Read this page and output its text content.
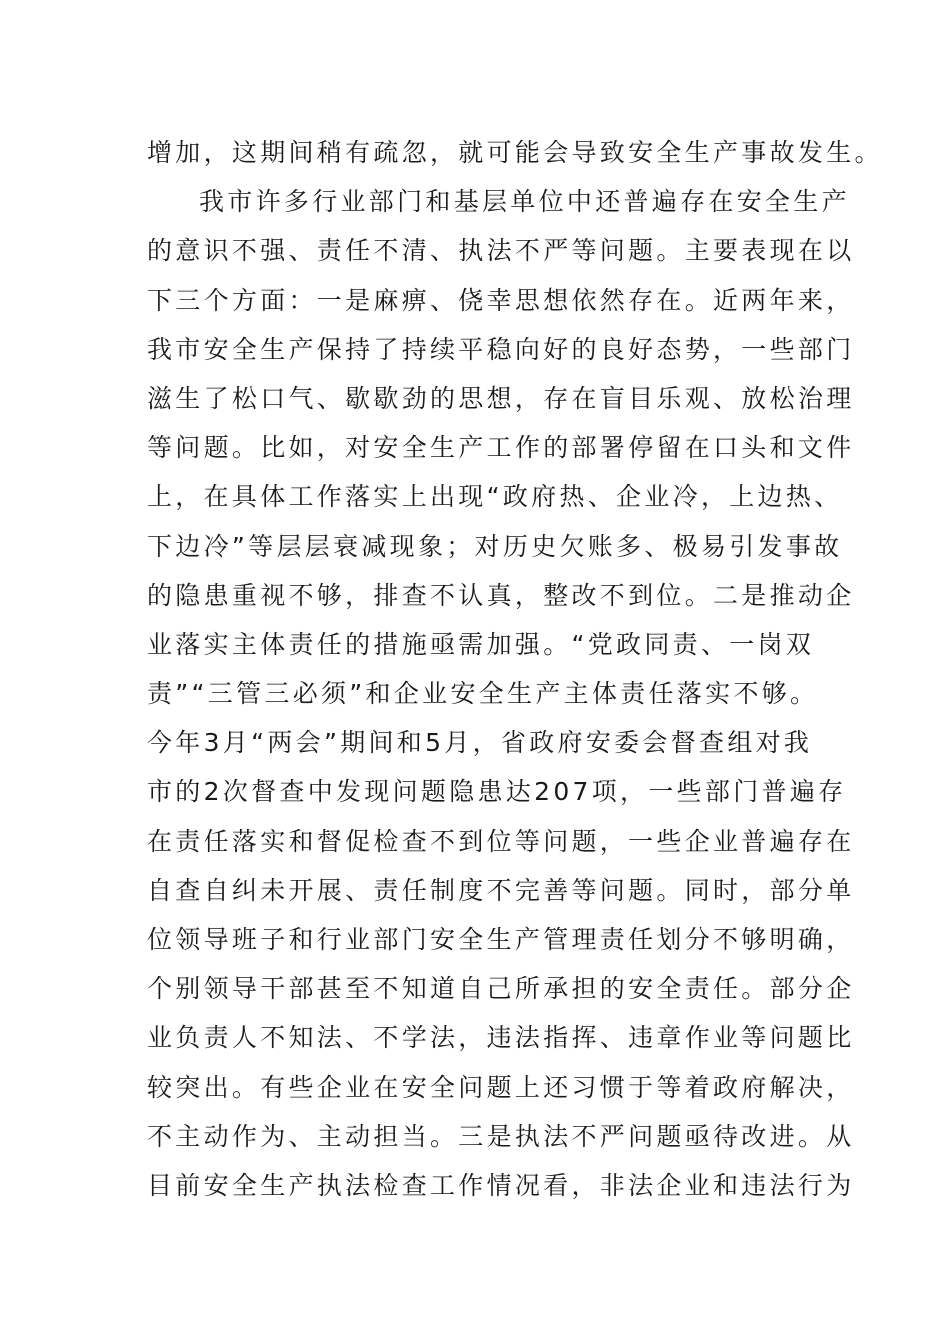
增加，这期间稍有疏忽，就可能会导致安全生产事故发生。
我市许多行业部门和基层单位中还普遍存在安全生产
的意识不强、责任不清、执法不严等问题。主要表现在以
下三个方面：一是麻痹、侥幸思想依然存在。近两年来，
我市安全生产保持了持续平稳向好的良好态势，一些部门
滋生了松口气、歇歇劲的思想，存在盲目乐观、放松治理
等问题。比如，对安全生产工作的部署停留在口头和文件
上，在具体工作落实上出现“政府热、企业冷，上边热、
下边冷”等层层衰减现象；对历史欠账多、极易引发事故
的隐患重视不够，排查不认真，整改不到位。二是推动企
业落实主体责任的措施亟需加强。“党政同责、一岗双
责”“三管三必须”和企业安全生产主体责任落实不够。
今年3月“两会”期间和5月，省政府安委会督查组对我
市的2次督查中发现问题隐患达207项，一些部门普遍存
在责任落实和督促检查不到位等问题，一些企业普遍存在
自查自纠未开展、责任制度不完善等问题。同时，部分单
位领导班子和行业部门安全生产管理责任划分不够明确，
个别领导干部甚至不知道自己所承担的安全责任。部分企
业负责人不知法、不学法，违法指挥、违章作业等问题比
较突出。有些企业在安全问题上还习惯于等着政府解决，
不主动作为、主动担当。三是执法不严问题亟待改进。从
目前安全生产执法检查工作情况看，非法企业和违法行为
